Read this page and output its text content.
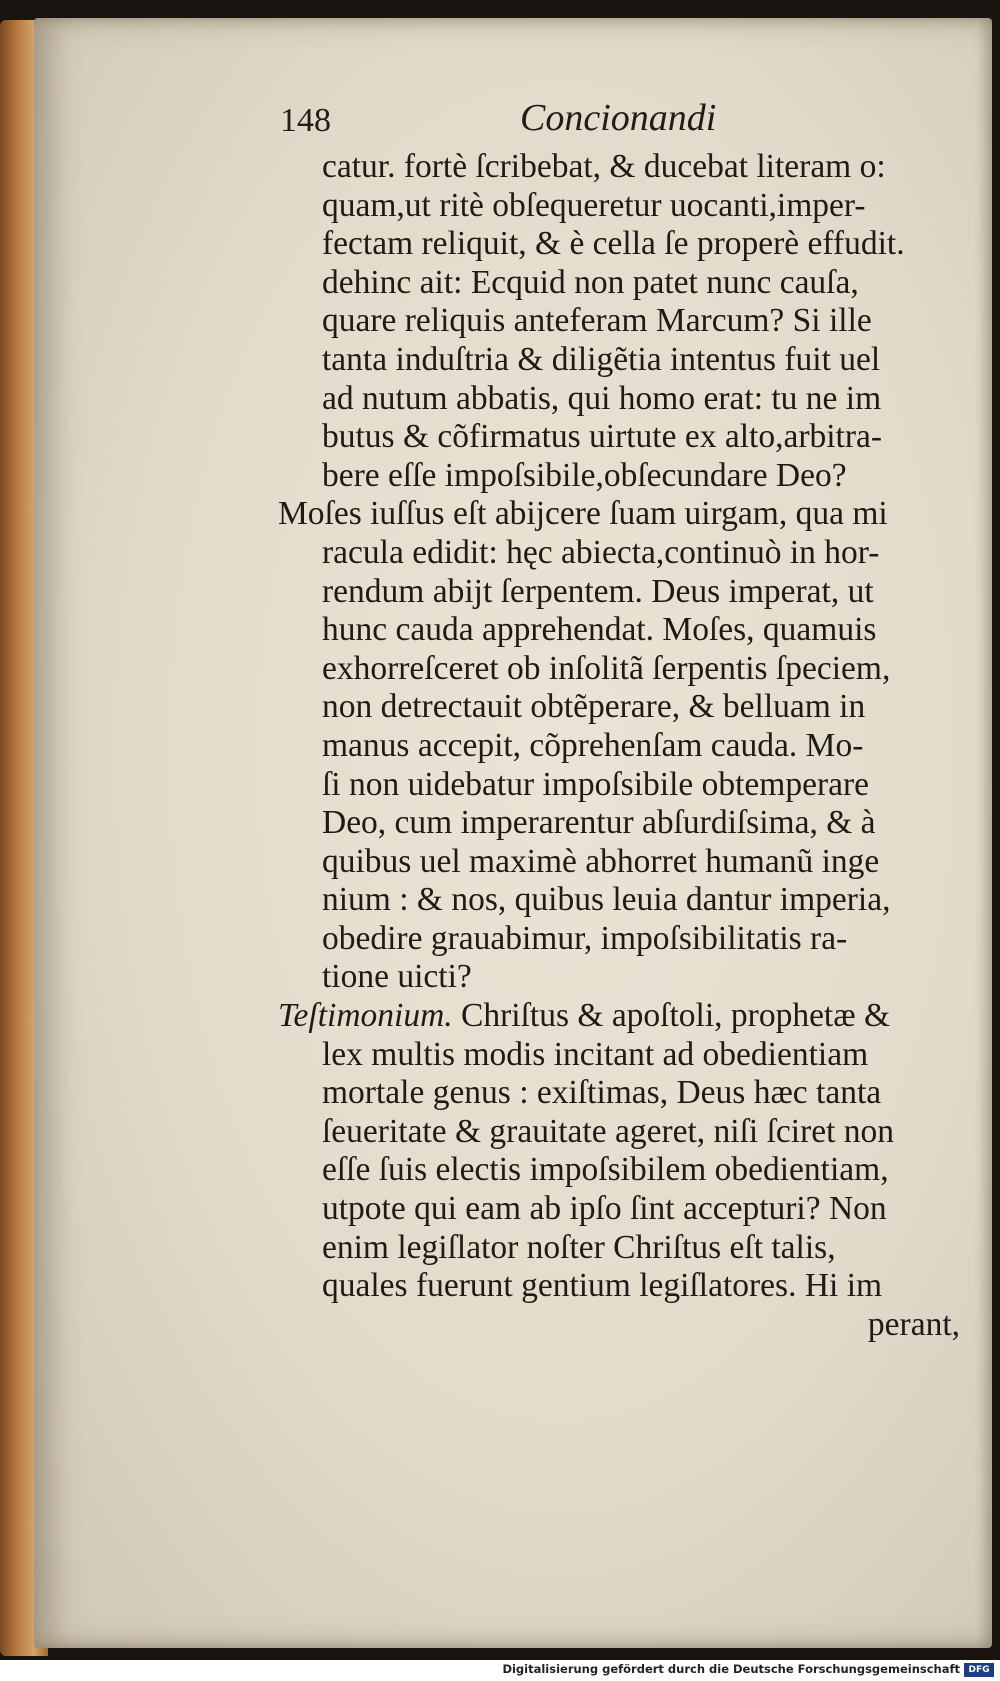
148	Concionandi
catur. fortè ſcribebat, & ducebat literam o:
quam,ut ritè obſequeretur uocanti,imper-
fectam reliquit, & è cella ſe properè effudit.
dehinc ait: Ecquid non patet nunc cauſa,
quare reliquis anteferam Marcum? Si ille
tanta induſtria & diligẽtia intentus fuit uel
ad nutum abbatis, qui homo erat: tu ne im
butus & cõfirmatus uirtute ex alto,arbitra-
bere eſſe impoſsibile,obſecundare Deo?
Moſes iuſſus eſt abijcere ſuam uirgam, qua mi
racula edidit: hęc abiecta,continuò in hor-
rendum abijt ſerpentem. Deus imperat, ut
hunc cauda apprehendat. Moſes, quamuis
exhorreſceret ob inſolitã ſerpentis ſpeciem,
non detrectauit obtẽperare, & belluam in
manus accepit, cõprehenſam cauda. Mo-
ſi non uidebatur impoſsibile obtemperare
Deo, cum imperarentur abſurdiſsima, & à
quibus uel maximè abhorret humanũ inge
nium : & nos, quibus leuia dantur imperia,
obedire grauabimur, impoſsibilitatis ra-
tione uicti?
Teſtimonium. Chriſtus & apoſtoli, prophetæ &
lex multis modis incitant ad obedientiam
mortale genus : exiſtimas, Deus hæc tanta
ſeueritate & grauitate ageret, niſi ſciret non
eſſe ſuis electis impoſsibilem obedientiam,
utpote qui eam ab ipſo ſint accepturi? Non
enim legiſlator noſter Chriſtus eſt talis,
quales fuerunt gentium legiſlatores. Hi im
perant,
Digitalisierung gefördert durch die Deutsche Forschungsgemeinschaft DFG
